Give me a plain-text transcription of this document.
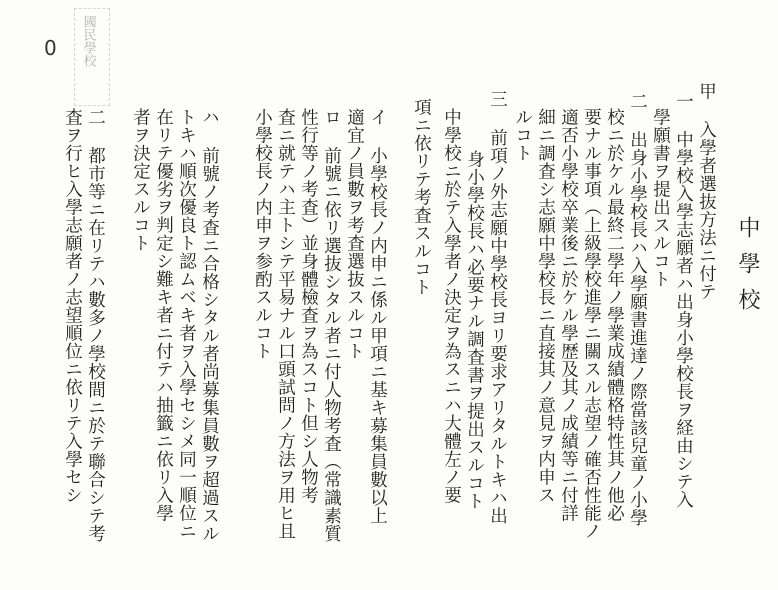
國民學校
0
中學校
甲 入學者選抜方法ニ付テ
一 中學校入學志願者ハ出身小學校長ヲ経由シテ入
學願書ヲ提出スルコト
二 出身小學校長ハ入學願書進達ノ際當該兒童ノ小學
校ニ於ケル最終二學年ノ學業成績體格特性其ノ他必
要ナル事項（上級學校進學ニ關スル志望ノ確否性能ノ
適否小學校卒業後ニ於ケル學歴及其ノ成績等ニ付詳
細ニ調査シ志願中學校長ニ直接其ノ意見ヲ内申ス
ルコト
三 前項ノ外志願中學校長ヨリ要求アリタルトキハ出
身小學校長ハ必要ナル調査書ヲ提出スルコト
中學校ニ於テ入學者ノ決定ヲ為スニハ大體左ノ要
項ニ依リテ考査スルコト
イ 小學校長ノ内申ニ係ル甲項ニ基キ募集員數以上
適宜ノ員數ヲ考査選抜スルコト
ロ 前號ニ依リ選抜シタル者ニ付人物考査（常識素質
性行等ノ考査）並身體檢査ヲ為スコト但シ人物考
査ニ就テハ主トシテ平易ナル口頭試問ノ方法ヲ用ヒ且
小學校長ノ内申ヲ参酌スルコト
ハ 前號ノ考査ニ合格シタル者尚募集員數ヲ超過スル
トキハ順次優良ト認ムベキ者ヲ入學セシメ同一順位ニ
在リテ優劣ヲ判定シ難キ者ニ付テハ抽籤ニ依リ入學
者ヲ決定スルコト
二 都市等ニ在リテハ數多ノ學校間ニ於テ聯合シテ考
査ヲ行ヒ入學志願者ノ志望順位ニ依リテ入學セシ
